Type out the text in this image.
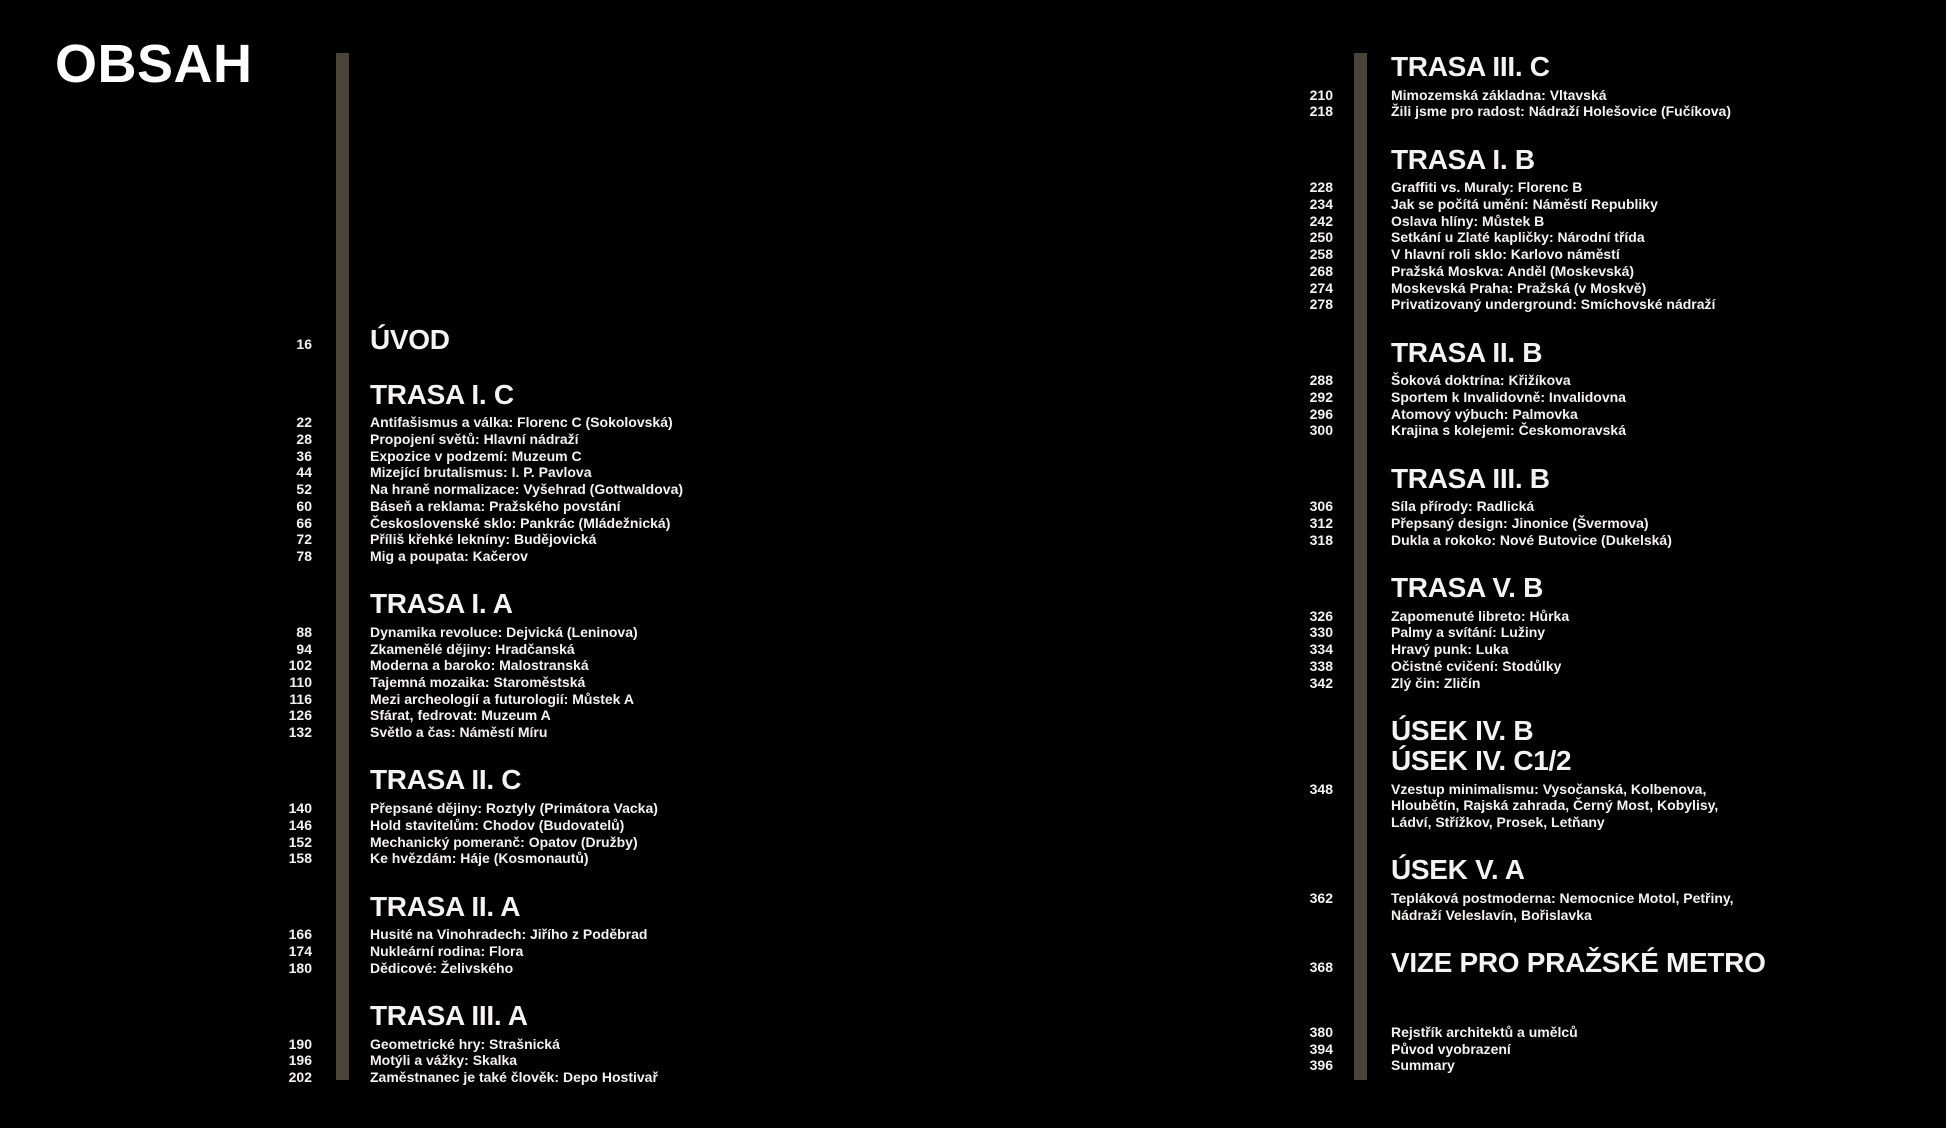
OBSAH
16 ÚVOD
TRASA I. C
22	Antifašismus a válka: Florenc C (Sokolovská)
28	Propojení světů: Hlavní nádraží
36	Expozice v podzemí: Muzeum C
44	Mizející brutalismus: I. P. Pavlova
52	Na hraně normalizace: Vyšehrad (Gottwaldova)
60	Báseň a reklama: Pražského povstání
66	Československé sklo: Pankrác (Mládežnická)
72	Příliš křehké lekníny: Budějovická
78	Mig a poupata: Kačerov
TRASA I. A
88	Dynamika revoluce: Dejvická (Leninova)
94	Zkamenělé dějiny: Hradčanská
102	Moderna a baroko: Malostranská
110	Tajemná mozaika: Staroměstská
116	Mezi archeologií a futurologií: Můstek A
126	Sfárat, fedrovat: Muzeum A
132	Světlo a čas: Náměstí Míru
TRASA II. C
140	Přepsané dějiny: Roztyly (Primátora Vacka)
146	Hold stavitelům: Chodov (Budovatelů)
152	Mechanický pomeranč: Opatov (Družby)
158	Ke hvězdám: Háje (Kosmonautů)
TRASA II. A
166	Husité na Vinohradech: Jiřího z Poděbrad
174	Nukleární rodina: Flora
180	Dědicové: Želivského
TRASA III. A
190	Geometrické hry: Strašnická
196	Motýli a vážky: Skalka
202	Zaměstnanec je také člověk: Depo Hostivař
TRASA III. C
210	Mimozemská základna: Vltavská
218	Žili jsme pro radost: Nádraží Holešovice (Fučíkova)
TRASA I. B
228	Graffiti vs. Muraly: Florenc B
234	Jak se počítá umění: Náměstí Republiky
242	Oslava hlíny: Můstek B
250	Setkání u Zlaté kapličky: Národní třída
258	V hlavní roli sklo: Karlovo náměstí
268	Pražská Moskva: Anděl (Moskevská)
274	Moskevská Praha: Pražská (v Moskvě)
278	Privatizovaný underground: Smíchovské nádraží
TRASA II. B
288	Šoková doktrína: Křižíkova
292	Sportem k Invalidovně: Invalidovna
296	Atomový výbuch: Palmovka
300	Krajina s kolejemi: Českomoravská
TRASA III. B
306	Síla přírody: Radlická
312	Přepsaný design: Jinonice (Švermova)
318	Dukla a rokoko: Nové Butovice (Dukelská)
TRASA V. B
326	Zapomenuté libreto: Hůrka
330	Palmy a svítání: Lužiny
334	Hravý punk: Luka
338	Očistné cvičení: Stodůlky
342	Zlý čin: Zličín
ÚSEK IV. B
ÚSEK IV. C1/2
348	Vzestup minimalismu: Vysočanská, Kolbenova,
Hloubětín, Rajská zahrada, Černý Most, Kobylisy,
Ládví, Střížkov, Prosek, Letňany
ÚSEK V. A
362	Tepláková postmoderna: Nemocnice Motol, Petřiny,
Nádraží Veleslavín, Bořislavka
368 VIZE PRO PRAŽSKÉ METRO
380	Rejstřík architektů a umělců
394	Původ vyobrazení
396	Summary
